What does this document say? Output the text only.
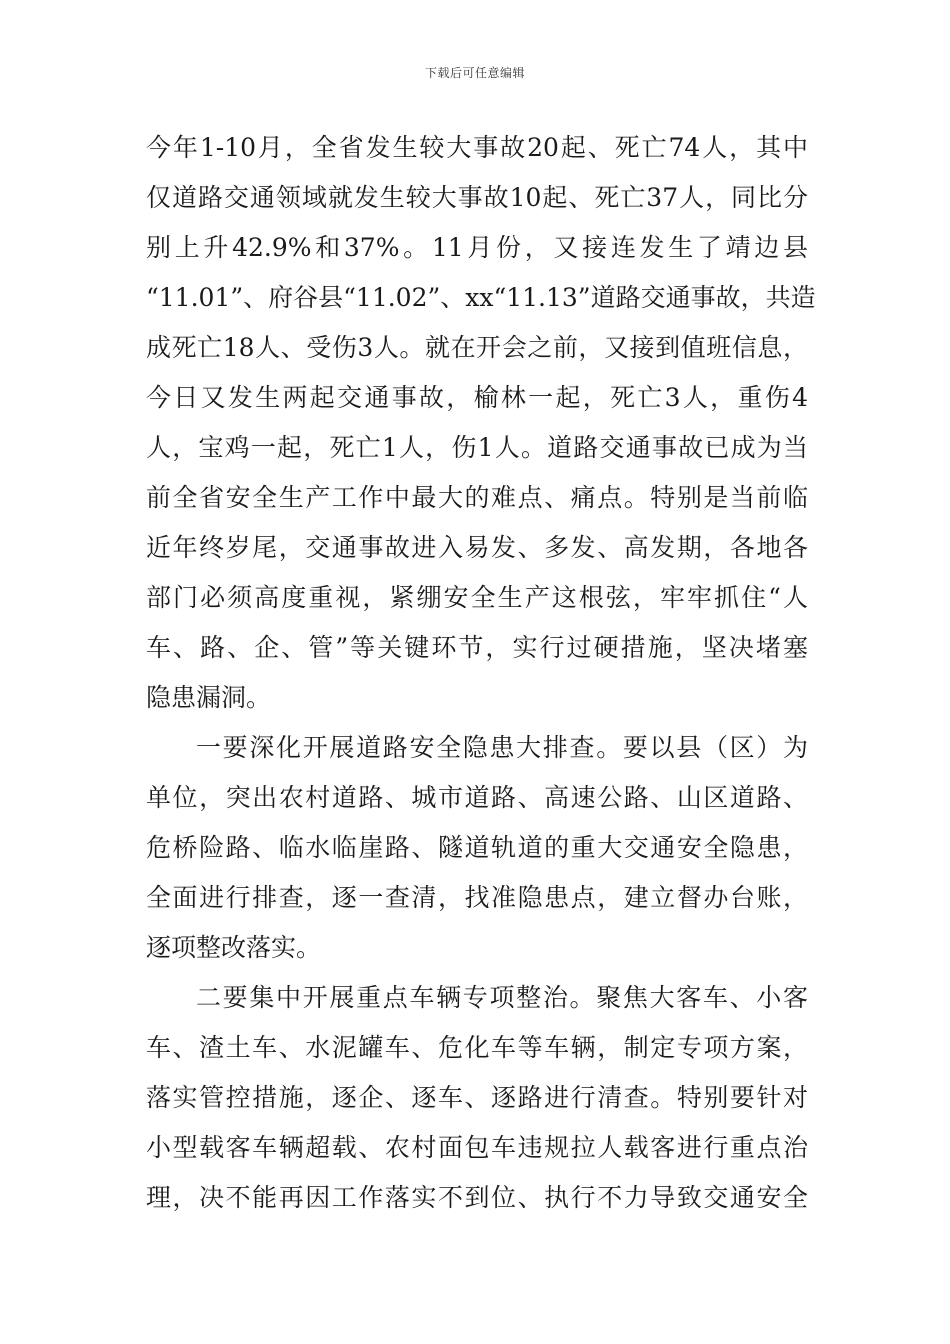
下载后可任意编辑
今年1-10月，全省发生较大事故20起、死亡74人，其中
仅道路交通领域就发生较大事故10起、死亡37人，同比分
别上升42.9%和37%。11月份，又接连发生了靖边县
“11.01”、府谷县“11.02”、xx“11.13”道路交通事故，共造
成死亡18人、受伤3人。就在开会之前，又接到值班信息，
今日又发生两起交通事故，榆林一起，死亡3人，重伤4
人，宝鸡一起，死亡1人，伤1人。道路交通事故已成为当
前全省安全生产工作中最大的难点、痛点。特别是当前临
近年终岁尾，交通事故进入易发、多发、高发期，各地各
部门必须高度重视，紧绷安全生产这根弦，牢牢抓住“人
车、路、企、管”等关键环节，实行过硬措施，坚决堵塞
隐患漏洞。
一要深化开展道路安全隐患大排查。要以县（区）为
单位，突出农村道路、城市道路、高速公路、山区道路、
危桥险路、临水临崖路、隧道轨道的重大交通安全隐患，
全面进行排查，逐一查清，找准隐患点，建立督办台账，
逐项整改落实。
二要集中开展重点车辆专项整治。聚焦大客车、小客
车、渣土车、水泥罐车、危化车等车辆，制定专项方案，
落实管控措施，逐企、逐车、逐路进行清查。特别要针对
小型载客车辆超载、农村面包车违规拉人载客进行重点治
理，决不能再因工作落实不到位、执行不力导致交通安全
